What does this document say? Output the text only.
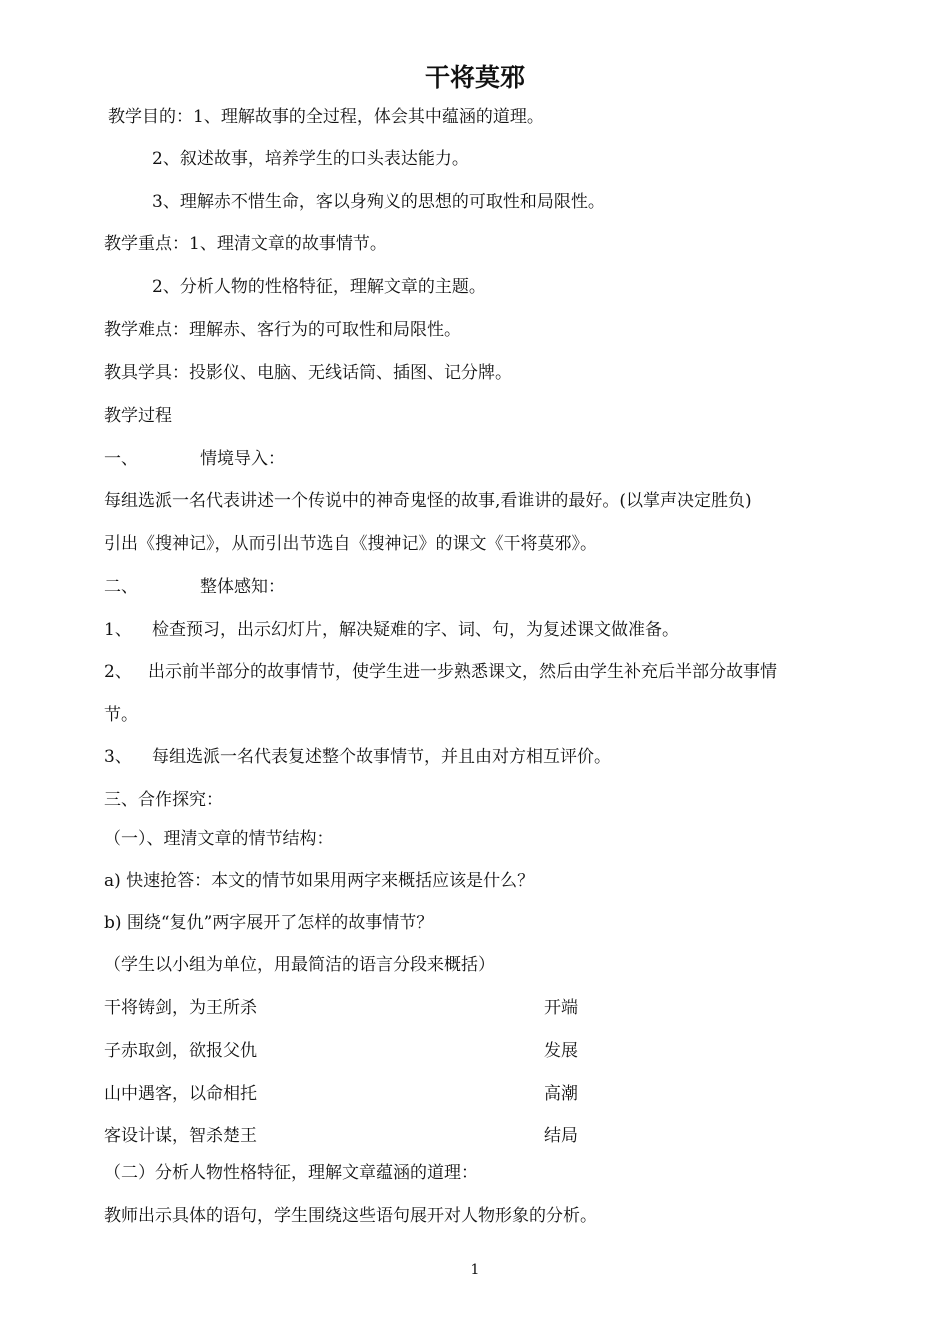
干将莫邪
教学目的：1、理解故事的全过程，体会其中蕴涵的道理。
2、叙述故事，培养学生的口头表达能力。
3、理解赤不惜生命，客以身殉义的思想的可取性和局限性。
教学重点：1、理清文章的故事情节。
2、分析人物的性格特征，理解文章的主题。
教学难点：理解赤、客行为的可取性和局限性。
教具学具：投影仪、电脑、无线话筒、插图、记分牌。
教学过程
一、	情境导入：
每组选派一名代表讲述一个传说中的神奇鬼怪的故事,看谁讲的最好。(以掌声决定胜负)
引出《搜神记》，从而引出节选自《搜神记》的课文《干将莫邪》。
二、	整体感知：
1、 检查预习，出示幻灯片，解决疑难的字、词、句，为复述课文做准备。
2、 出示前半部分的故事情节，使学生进一步熟悉课文，然后由学生补充后半部分故事情
节。
3、 每组选派一名代表复述整个故事情节，并且由对方相互评价。
三、合作探究：
（一）、理清文章的情节结构：
a) 快速抢答：本文的情节如果用两字来概括应该是什么？
b) 围绕“复仇”两字展开了怎样的故事情节？
（学生以小组为单位，用最简洁的语言分段来概括）
干将铸剑，为王所杀	开端
子赤取剑，欲报父仇	发展
山中遇客，以命相托	高潮
客设计谋，智杀楚王	结局
（二）分析人物性格特征，理解文章蕴涵的道理：
教师出示具体的语句，学生围绕这些语句展开对人物形象的分析。
1
